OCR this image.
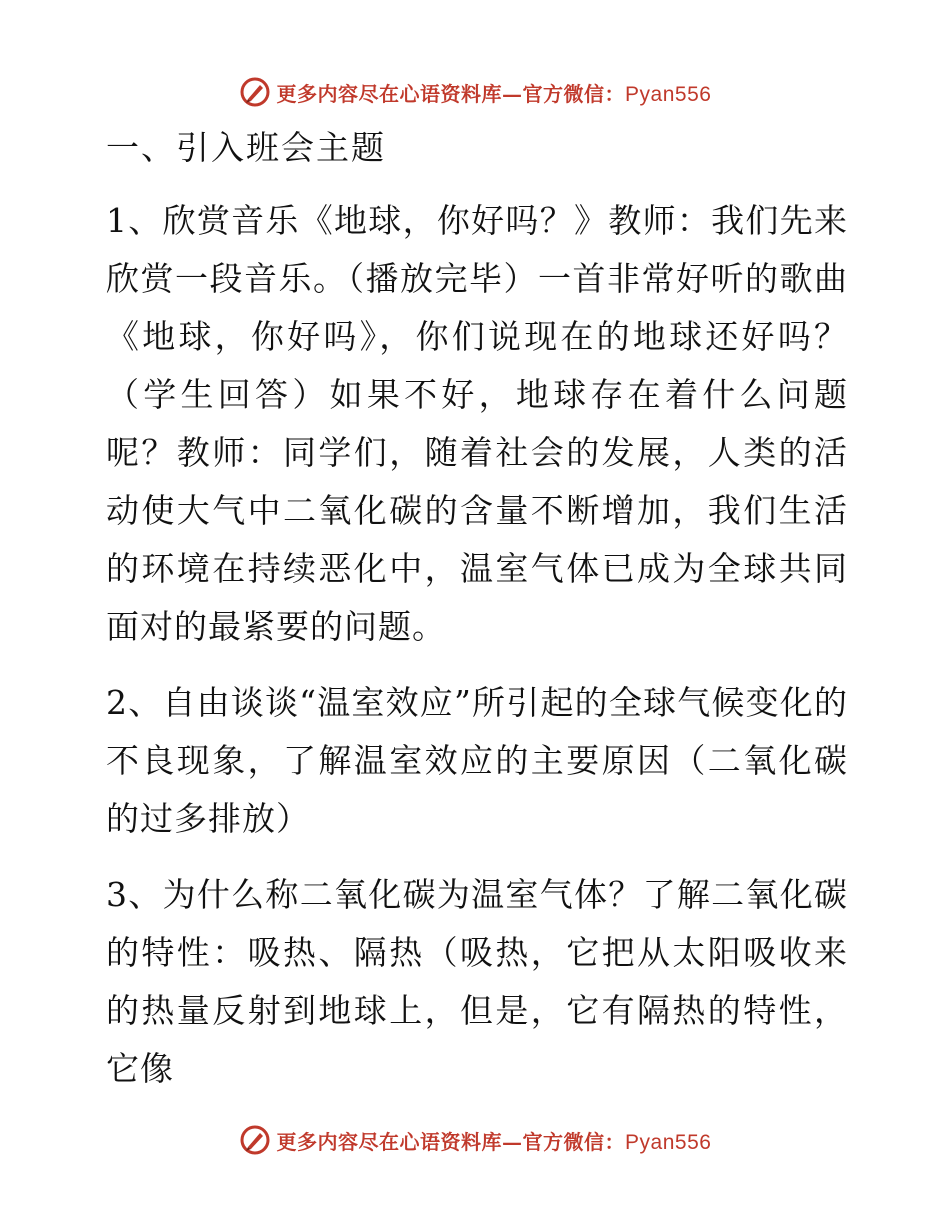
更多内容尽在心语资料库—官方微信：Pyan556
一、引入班会主题

1、欣赏音乐《地球，你好吗？》教师：我们先来欣赏一段音乐。（播放完毕）一首非常好听的歌曲《地球，你好吗》，你们说现在的地球还好吗？（学生回答）如果不好，地球存在着什么问题呢？教师：同学们，随着社会的发展，人类的活动使大气中二氧化碳的含量不断增加，我们生活的环境在持续恶化中，温室气体已成为全球共同面对的最紧要的问题。

2、自由谈谈“温室效应”所引起的全球气候变化的不良现象，了解温室效应的主要原因（二氧化碳的过多排放）

3、为什么称二氧化碳为温室气体？了解二氧化碳的特性：吸热、隔热（吸热，它把从太阳吸收来的热量反射到地球上，但是，它有隔热的特性，它像

更多内容尽在心语资料库—官方微信：Pyan556
